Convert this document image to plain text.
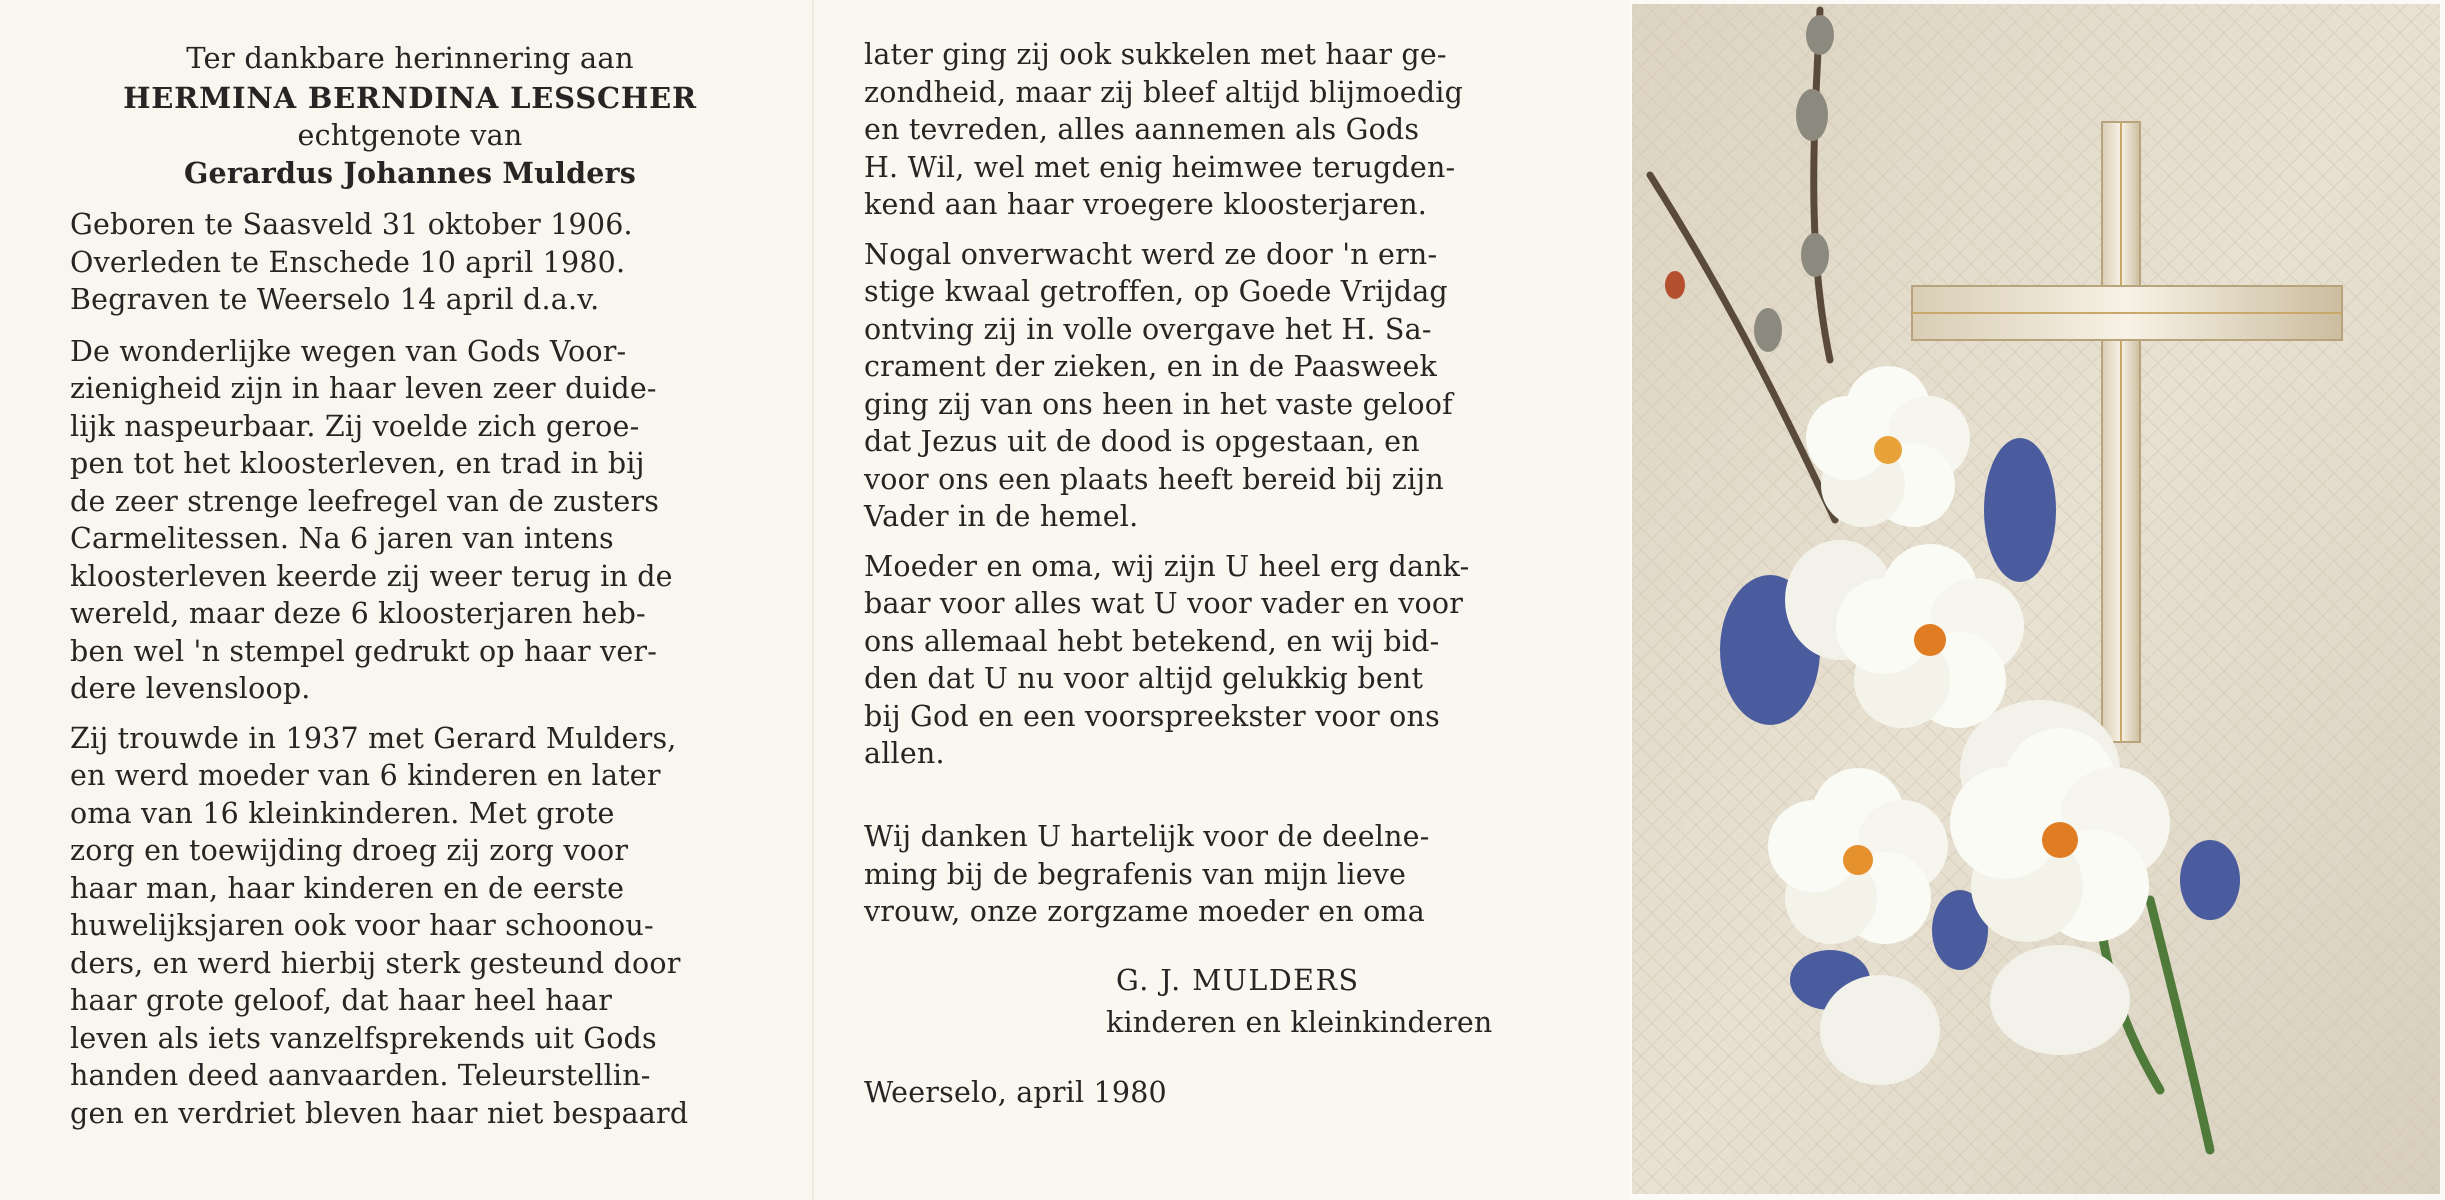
Ter dankbare herinnering aan

HERMINA BERNDINA LESSCHER

echtgenote van

Gerardus Johannes Mulders

Geboren te Saasveld 31 oktober 1906.

Overleden te Enschede 10 april 1980.

Begraven te Weerselo 14 april d.a.v.

De wonderlijke wegen van Gods Voor-

zienigheid zijn in haar leven zeer duide-

lijk naspeurbaar. Zij voelde zich geroe-

pen tot het kloosterleven, en trad in bij

de zeer strenge leefregel van de zusters

Carmelitessen. Na 6 jaren van intens

kloosterleven keerde zij weer terug in de

wereld, maar deze 6 kloosterjaren heb-

ben wel 'n stempel gedrukt op haar ver-

dere levensloop.

Zij trouwde in 1937 met Gerard Mulders,

en werd moeder van 6 kinderen en later

oma van 16 kleinkinderen. Met grote

zorg en toewijding droeg zij zorg voor

haar man, haar kinderen en de eerste

huwelijksjaren ook voor haar schoonou-

ders, en werd hierbij sterk gesteund door

haar grote geloof, dat haar heel haar

leven als iets vanzelfsprekends uit Gods

handen deed aanvaarden. Teleurstellin-

gen en verdriet bleven haar niet bespaard

later ging zij ook sukkelen met haar ge-

zondheid, maar zij bleef altijd blijmoedig

en tevreden, alles aannemen als Gods

H. Wil, wel met enig heimwee terugden-

kend aan haar vroegere kloosterjaren.

Nogal onverwacht werd ze door 'n ern-

stige kwaal getroffen, op Goede Vrijdag

ontving zij in volle overgave het H. Sa-

crament der zieken, en in de Paasweek

ging zij van ons heen in het vaste geloof

dat Jezus uit de dood is opgestaan, en

voor ons een plaats heeft bereid bij zijn

Vader in de hemel.

Moeder en oma, wij zijn U heel erg dank-

baar voor alles wat U voor vader en voor

ons allemaal hebt betekend, en wij bid-

den dat U nu voor altijd gelukkig bent

bij God en een voorspreekster voor ons

allen.

Wij danken U hartelijk voor de deelne-

ming bij de begrafenis van mijn lieve

vrouw, onze zorgzame moeder en oma

G. J. MULDERS

kinderen en kleinkinderen

Weerselo, april 1980
